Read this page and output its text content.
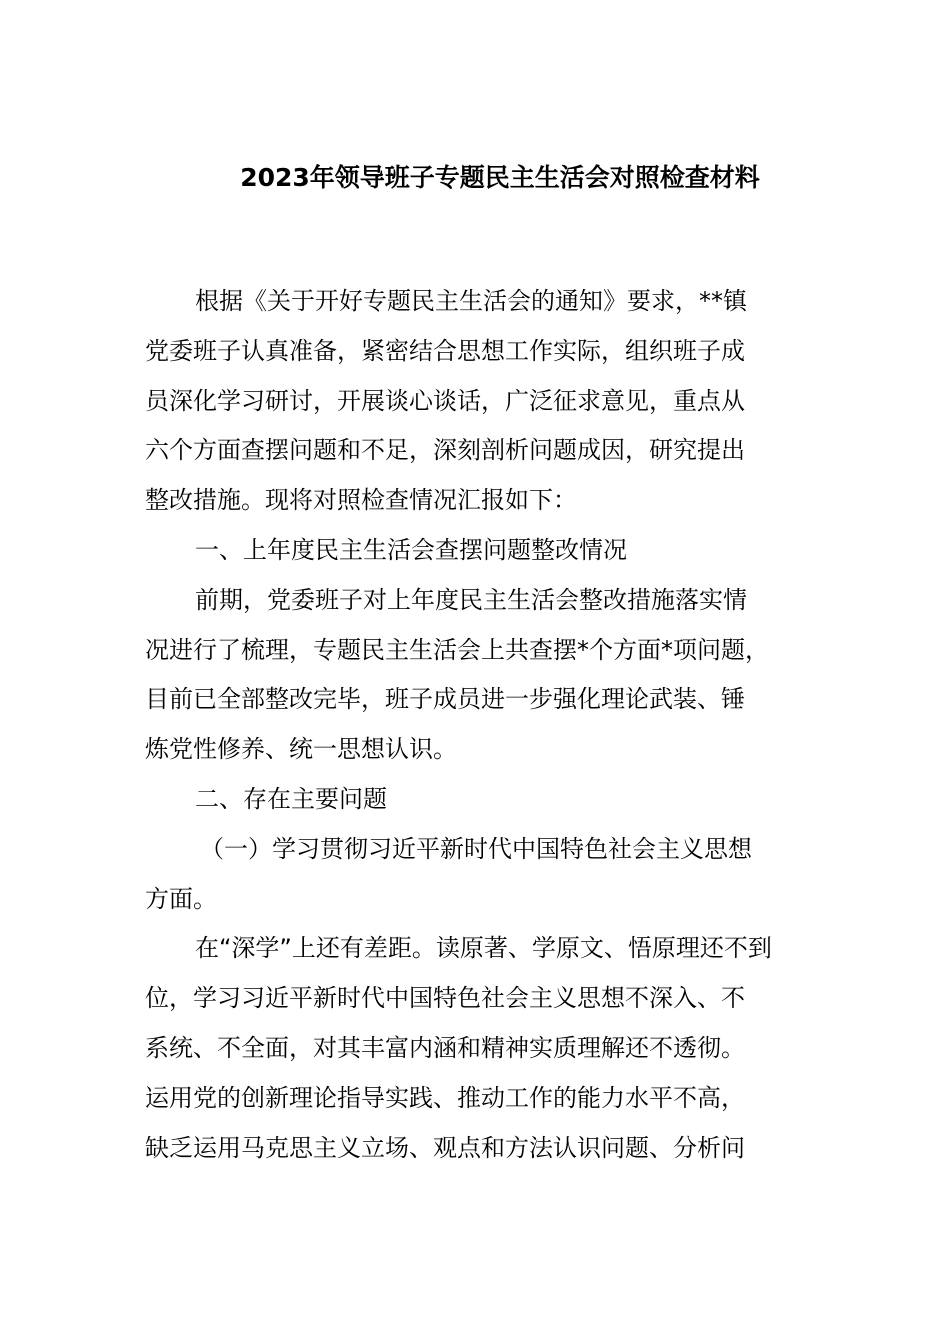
2023年领导班子专题民主生活会对照检查材料
根据《关于开好专题民主生活会的通知》要求，**镇
党委班子认真准备，紧密结合思想工作实际，组织班子成
员深化学习研讨，开展谈心谈话，广泛征求意见，重点从
六个方面查摆问题和不足，深刻剖析问题成因，研究提出
整改措施。现将对照检查情况汇报如下：
一、上年度民主生活会查摆问题整改情况
前期，党委班子对上年度民主生活会整改措施落实情
况进行了梳理，专题民主生活会上共查摆*个方面*项问题，
目前已全部整改完毕，班子成员进一步强化理论武装、锤
炼党性修养、统一思想认识。
二、存在主要问题
（一）学习贯彻习近平新时代中国特色社会主义思想
方面。
在“深学”上还有差距。读原著、学原文、悟原理还不到
位，学习习近平新时代中国特色社会主义思想不深入、不
系统、不全面，对其丰富内涵和精神实质理解还不透彻。
运用党的创新理论指导实践、推动工作的能力水平不高，
缺乏运用马克思主义立场、观点和方法认识问题、分析问
